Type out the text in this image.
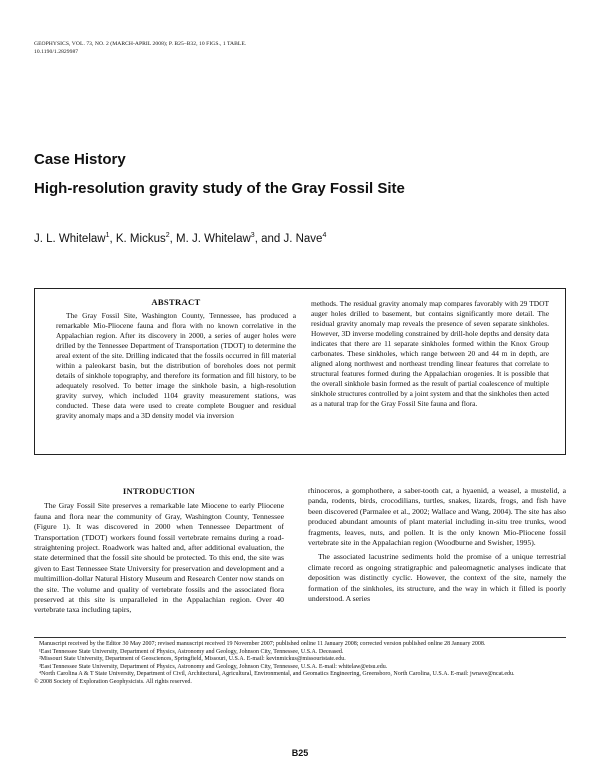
GEOPHYSICS, VOL. 73, NO. 2 (MARCH-APRIL 2008); P. B25–B32, 10 FIGS., 1 TABLE.
10.1190/1.2829987
Case History
High-resolution gravity study of the Gray Fossil Site
J. L. Whitelaw$^1$, K. Mickus$^2$, M. J. Whitelaw$^3$, and J. Nave$^4$
ABSTRACT

The Gray Fossil Site, Washington County, Tennessee, has produced a remarkable Mio-Pliocene fauna and flora with no known correlative in the Appalachian region. After its discovery in 2000, a series of auger holes were drilled by the Tennessee Department of Transportation (TDOT) to determine the areal extent of the site. Drilling indicated that the fossils occurred in fill material within a paleokarst basin, but the distribution of boreholes does not permit details of sinkhole topography, and therefore its formation and fill history, to be adequately resolved. To better image the sinkhole basin, a high-resolution gravity survey, which included 1104 gravity measurement stations, was conducted. These data were used to create complete Bouguer and residual gravity anomaly maps and a 3D density model via inversion

methods. The residual gravity anomaly map compares favorably with 29 TDOT auger holes drilled to basement, but contains significantly more detail. The residual gravity anomaly map reveals the presence of seven separate sinkholes. However, 3D inverse modeling constrained by drill-hole depths and density data indicates that there are 11 separate sinkholes formed within the Knox Group carbonates. These sinkholes, which range between 20 and 44 m in depth, are aligned along northwest and northeast trending linear features that correlate to structural features formed during the Appalachian orogenies. It is possible that the overall sinkhole basin formed as the result of partial coalescence of multiple sinkhole structures controlled by a joint system and that the sinkholes then acted as a natural trap for the Gray Fossil Site fauna and flora.

INTRODUCTION

The Gray Fossil Site preserves a remarkable late Miocene to early Pliocene fauna and flora near the community of Gray, Washington County, Tennessee (Figure 1). It was discovered in 2000 when Tennessee Department of Transportation (TDOT) workers found fossil vertebrate remains during a road-straightening project. Roadwork was halted and, after additional evaluation, the state determined that the fossil site should be protected. To this end, the site was given to East Tennessee State University for preservation and development and a multimillion-dollar Natural History Museum and Research Center now stands on the site. The volume and quality of vertebrate fossils and the associated flora preserved at this site is unparalleled in the Appalachian region. Over 40 vertebrate taxa including tapirs,

rhinoceros, a gomphothere, a saber-tooth cat, a hyaenid, a weasel, a mustelid, a panda, rodents, birds, crocodilians, turtles, snakes, lizards, frogs, and fish have been discovered (Parmalee et al., 2002; Wallace and Wang, 2004). The site has also produced abundant amounts of plant material including in-situ tree trunks, wood fragments, leaves, nuts, and pollen. It is the only known Mio-Pliocene fossil vertebrate site in the Appalachian region (Woodburne and Swisher, 1995).

The associated lacustrine sediments hold the promise of a unique terrestrial climate record as ongoing stratigraphic and paleomagnetic analyses indicate that deposition was distinctly cyclic. However, the context of the site, namely the formation of the sinkholes, its structure, and the way in which it filled is poorly understood. A series

Manuscript received by the Editor 30 May 2007; revised manuscript received 19 November 2007; published online 11 January 2008; corrected version published online 28 January 2008.
¹East Tennessee State University, Department of Physics, Astronomy and Geology, Johnson City, Tennessee, U.S.A. Deceased.
²Missouri State University, Department of Geosciences, Springfield, Missouri, U.S.A. E-mail: kevinmickus@missouristate.edu.
³East Tennessee State University, Department of Physics, Astronomy and Geology, Johnson City, Tennessee, U.S.A. E-mail: whitelaw@etsu.edu.
⁴North Carolina A & T State University, Department of Civil, Architectural, Agricultural, Environmental, and Geomatics Engineering, Greensboro, North Carolina, U.S.A. E-mail: jwnave@ncat.edu.
© 2008 Society of Exploration Geophysicists. All rights reserved.
B25
